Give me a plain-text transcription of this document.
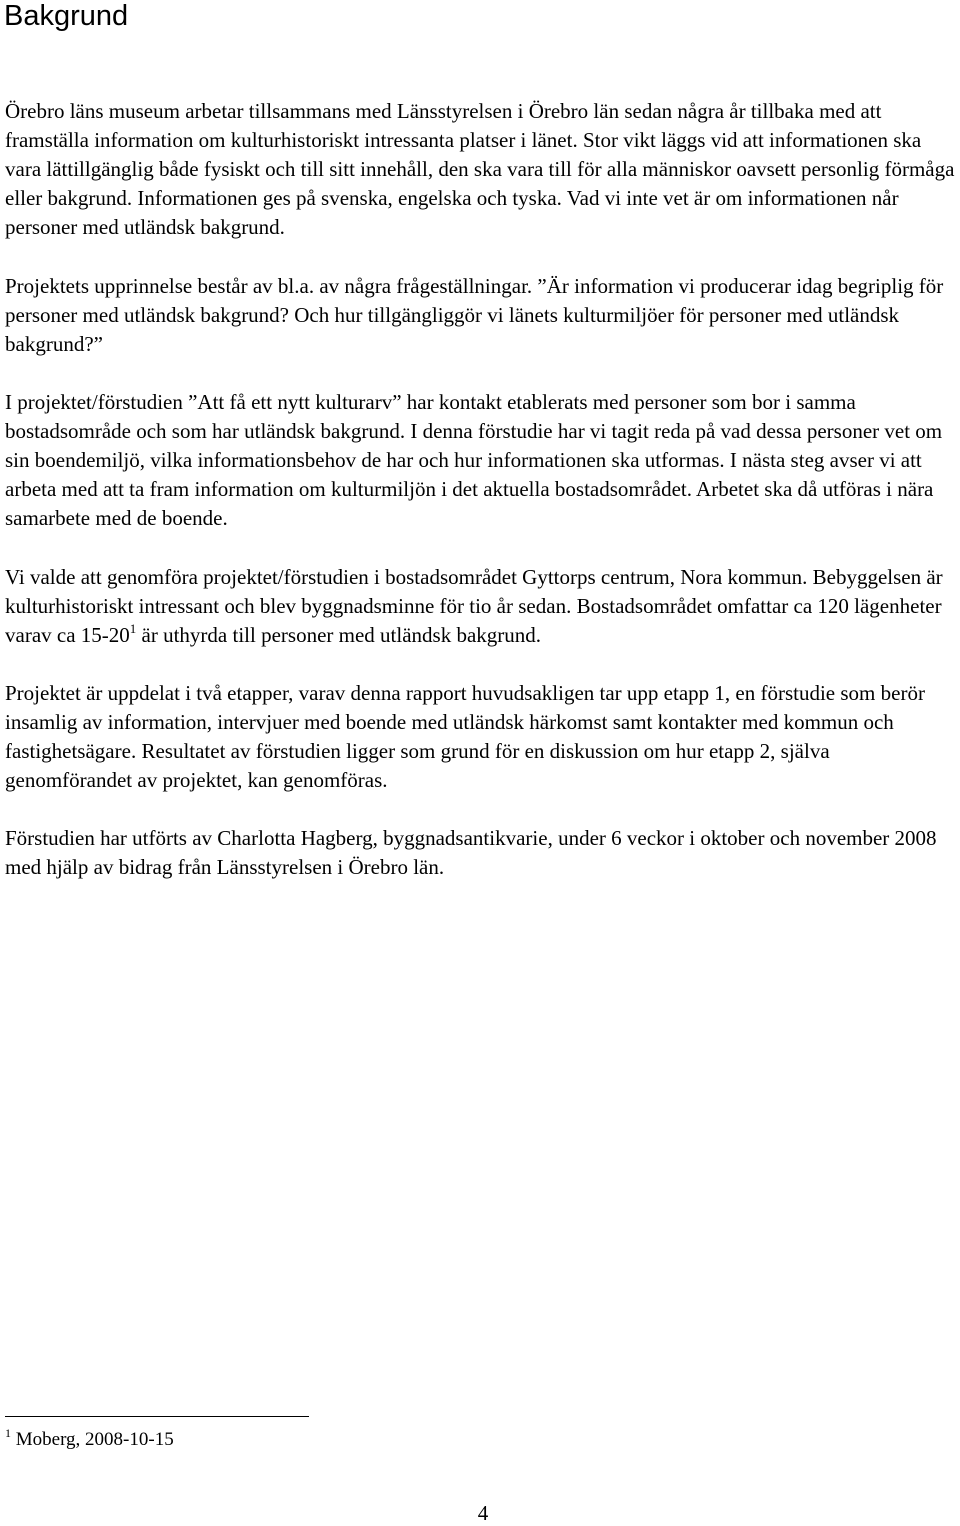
Bakgrund

Örebro läns museum arbetar tillsammans med Länsstyrelsen i Örebro län sedan några år tillbaka med att framställa information om kulturhistoriskt intressanta platser i länet. Stor vikt läggs vid att informationen ska vara lättillgänglig både fysiskt och till sitt innehåll, den ska vara till för alla människor oavsett personlig förmåga eller bakgrund. Informationen ges på svenska, engelska och tyska. Vad vi inte vet är om informationen når personer med utländsk bakgrund.

Projektets upprinnelse består av bl.a. av några frågeställningar. ”Är information vi producerar idag begriplig för personer med utländsk bakgrund? Och hur tillgängliggör vi länets kulturmiljöer för personer med utländsk bakgrund?”

I projektet/förstudien ”Att få ett nytt kulturarv” har kontakt etablerats med personer som bor i samma bostadsområde och som har utländsk bakgrund. I denna förstudie har vi tagit reda på vad dessa personer vet om sin boendemiljö, vilka informationsbehov de har och hur informationen ska utformas. I nästa steg avser vi att arbeta med att ta fram information om kulturmiljön i det aktuella bostadsområdet. Arbetet ska då utföras i nära samarbete med de boende.

Vi valde att genomföra projektet/förstudien i bostadsområdet Gyttorps centrum, Nora kommun. Bebyggelsen är kulturhistoriskt intressant och blev byggnadsminne för tio år sedan. Bostadsområdet omfattar ca 120 lägenheter varav ca 15-20$^1$ är uthyrda till personer med utländsk bakgrund.

Projektet är uppdelat i två etapper, varav denna rapport huvudsakligen tar upp etapp 1, en förstudie som berör insamlig av information, intervjuer med boende med utländsk härkomst samt kontakter med kommun och fastighetsägare. Resultatet av förstudien ligger som grund för en diskussion om hur etapp 2, själva genomförandet av projektet, kan genomföras.

Förstudien har utförts av Charlotta Hagberg, byggnadsantikvarie, under 6 veckor i oktober och november 2008 med hjälp av bidrag från Länsstyrelsen i Örebro län.

$^1$ Moberg, 2008-10-15
4
